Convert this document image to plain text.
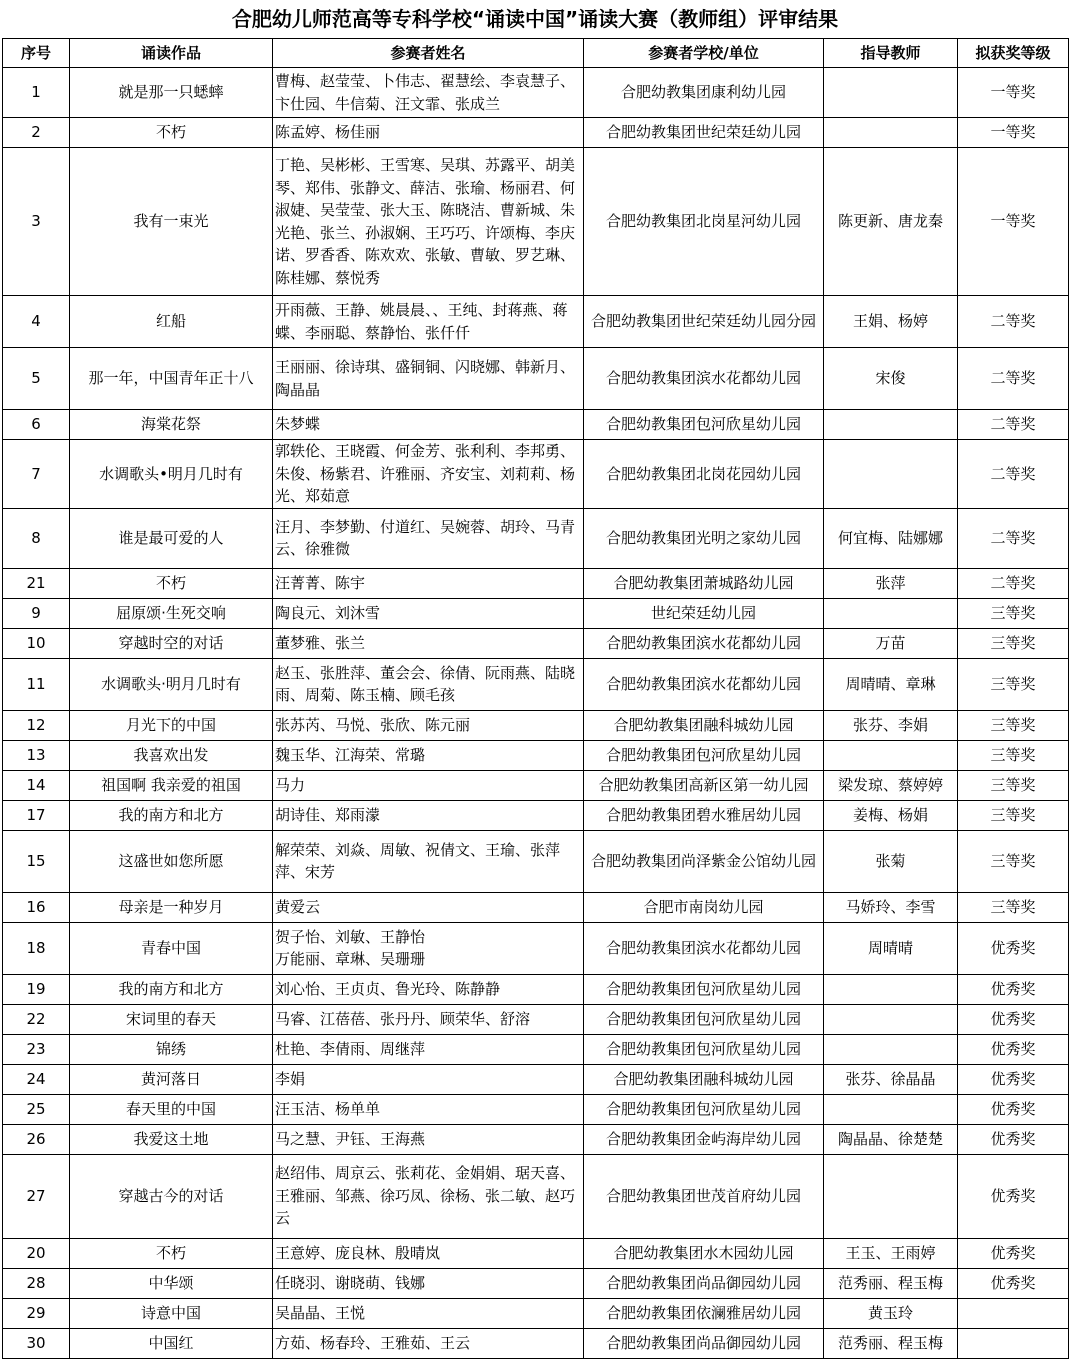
合肥幼儿师范高等专科学校“诵读中国”诵读大赛（教师组）评审结果
序号	诵读作品	参赛者姓名	参赛者学校/单位	指导教师	拟获奖等级
1	就是那一只蟋蟀	曹梅、赵莹莹、卜伟志、翟慧绘、李袁慧子、卞仕园、牛信菊、汪文霏、张成兰	合肥幼教集团康利幼儿园		一等奖
2	不朽	陈孟婷、杨佳丽	合肥幼教集团世纪荣廷幼儿园		一等奖
3	我有一束光	丁艳、吴彬彬、王雪寒、吴琪、苏露平、胡美琴、郑伟、张静文、薛洁、张瑜、杨丽君、何淑婕、吴莹莹、张大玉、陈晓洁、曹新城、朱光艳、张兰、孙淑娴、王巧巧、许颂梅、李庆诺、罗香香、陈欢欢、张敏、曹敏、罗艺琳、陈桂娜、蔡悦秀	合肥幼教集团北岗星河幼儿园	陈更新、唐龙秦	一等奖
4	红船	开雨薇、王静、姚晨晨、、王纯、封蒋燕、蒋蝶、李丽聪、蔡静怡、张仟仟	合肥幼教集团世纪荣廷幼儿园分园	王娟、杨婷	二等奖
5	那一年，中国青年正十八	王丽丽、徐诗琪、盛铜铜、闪晓娜、韩新月、陶晶晶	合肥幼教集团滨水花都幼儿园	宋俊	二等奖
6	海棠花祭	朱梦蝶	合肥幼教集团包河欣星幼儿园		二等奖
7	水调歌头•明月几时有	郭轶伦、王晓霞、何金芳、张利利、李邦勇、朱俊、杨紫君、许雅丽、齐安宝、刘莉莉、杨光、郑茹意	合肥幼教集团北岗花园幼儿园		二等奖
8	谁是最可爱的人	汪月、李梦勤、付道红、吴婉蓉、胡玲、马青云、徐雅微	合肥幼教集团光明之家幼儿园	何宜梅、陆娜娜	二等奖
21	不朽	汪菁菁、陈宇	合肥幼教集团萧城路幼儿园	张萍	二等奖
9	屈原颂·生死交响	陶良元、刘沐雪	世纪荣廷幼儿园		三等奖
10	穿越时空的对话	董梦雅、张兰	合肥幼教集团滨水花都幼儿园	万苗	三等奖
11	水调歌头·明月几时有	赵玉、张胜萍、董会会、徐倩、阮雨燕、陆晓雨、周菊、陈玉楠、顾毛孩	合肥幼教集团滨水花都幼儿园	周晴晴、章琳	三等奖
12	月光下的中国	张苏芮、马悦、张欣、陈元丽	合肥幼教集团融科城幼儿园	张芬、李娟	三等奖
13	我喜欢出发	魏玉华、江海荣、常璐	合肥幼教集团包河欣星幼儿园		三等奖
14	祖国啊 我亲爱的祖国	马力	合肥幼教集团高新区第一幼儿园	梁发琼、蔡婷婷	三等奖
17	我的南方和北方	胡诗佳、郑雨濛	合肥幼教集团碧水雅居幼儿园	姜梅、杨娟	三等奖
15	这盛世如您所愿	解荣荣、刘焱、周敏、祝倩文、王瑜、张萍萍、宋芳	合肥幼教集团尚泽紫金公馆幼儿园	张菊	三等奖
16	母亲是一种岁月	黄爱云	合肥市南岗幼儿园	马娇玲、李雪	三等奖
18	青春中国	贺子怡、刘敏、王静怡
万能丽、章琳、吴珊珊	合肥幼教集团滨水花都幼儿园	周晴晴	优秀奖
19	我的南方和北方	刘心怡、王贞贞、鲁光玲、陈静静	合肥幼教集团包河欣星幼儿园		优秀奖
22	宋词里的春天	马睿、江蓓蓓、张丹丹、顾荣华、舒溶	合肥幼教集团包河欣星幼儿园		优秀奖
23	锦绣	杜艳、李倩雨、周继萍	合肥幼教集团包河欣星幼儿园		优秀奖
24	黄河落日	李娟	合肥幼教集团融科城幼儿园	张芬、徐晶晶	优秀奖
25	春天里的中国	汪玉洁、杨单单	合肥幼教集团包河欣星幼儿园		优秀奖
26	我爱这土地	马之慧、尹钰、王海燕	合肥幼教集团金屿海岸幼儿园	陶晶晶、徐楚楚	优秀奖
27	穿越古今的对话	赵绍伟、周京云、张莉花、金娟娟、琚天喜、王雅丽、邹燕、徐巧凤、徐杨、张二敏、赵巧云	合肥幼教集团世茂首府幼儿园		优秀奖
20	不朽	王意婷、庞良林、殷晴岚	合肥幼教集团水木园幼儿园	王玉、王雨婷	优秀奖
28	中华颂	任晓羽、谢晓萌、钱娜	合肥幼教集团尚品御园幼儿园	范秀丽、程玉梅	优秀奖
29	诗意中国	吴晶晶、王悦	合肥幼教集团依澜雅居幼儿园	黄玉玲	
30	中国红	方茹、杨春玲、王雅茹、王云	合肥幼教集团尚品御园幼儿园	范秀丽、程玉梅	
